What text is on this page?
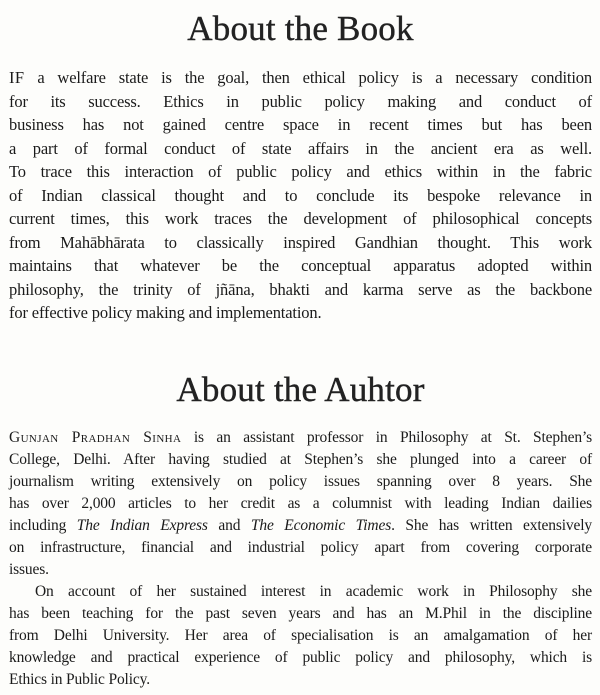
About the Book
IF a welfare state is the goal, then ethical policy is a necessary condition
for its success. Ethics in public policy making and conduct of
business has not gained centre space in recent times but has been
a part of formal conduct of state affairs in the ancient era as well.
To trace this interaction of public policy and ethics within in the fabric
of Indian classical thought and to conclude its bespoke relevance in
current times, this work traces the development of philosophical concepts
from Mahābhārata to classically inspired Gandhian thought. This work
maintains that whatever be the conceptual apparatus adopted within
philosophy, the trinity of jñāna, bhakti and karma serve as the backbone
for effective policy making and implementation.
About the Auhtor
Gunjan Pradhan Sinha is an assistant professor in Philosophy at St. Stephen’s
College, Delhi. After having studied at Stephen’s she plunged into a career of
journalism writing extensively on policy issues spanning over 8 years. She
has over 2,000 articles to her credit as a columnist with leading Indian dailies
including The Indian Express and The Economic Times. She has written extensively
on infrastructure, financial and industrial policy apart from covering corporate
issues.
On account of her sustained interest in academic work in Philosophy she
has been teaching for the past seven years and has an M.Phil in the discipline
from Delhi University. Her area of specialisation is an amalgamation of her
knowledge and practical experience of public policy and philosophy, which is
Ethics in Public Policy.
